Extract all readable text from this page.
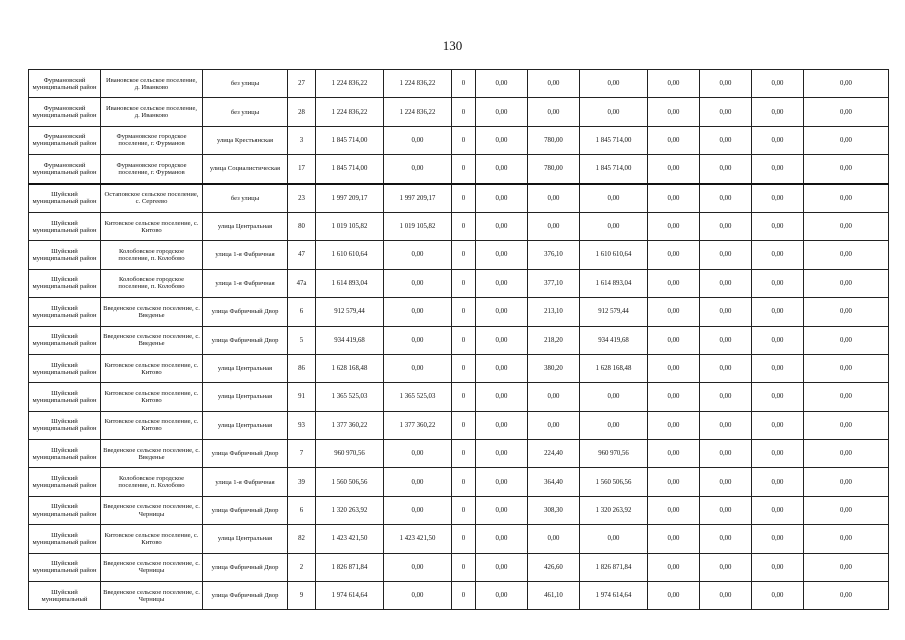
130
Фурмановский муниципальный район	Ивановское сельское поселение, д. Иванково	без улицы	27	1 224 836,22	1 224 836,22	0	0,00	0,00	0,00	0,00	0,00	0,00	0,00
Фурмановский муниципальный район	Ивановское сельское поселение, д. Иванково	без улицы	28	1 224 836,22	1 224 836,22	0	0,00	0,00	0,00	0,00	0,00	0,00	0,00
Фурмановский муниципальный район	Фурмановское городское поселение, г. Фурманов	улица Крестьянская	3	1 845 714,00	0,00	0	0,00	780,00	1 845 714,00	0,00	0,00	0,00	0,00
Фурмановский муниципальный район	Фурмановское городское поселение, г. Фурманов	улица Социалистическая	17	1 845 714,00	0,00	0	0,00	780,00	1 845 714,00	0,00	0,00	0,00	0,00
Шуйский муниципальный район	Остаповское сельское поселение, с. Сергеево	без улицы	23	1 997 209,17	1 997 209,17	0	0,00	0,00	0,00	0,00	0,00	0,00	0,00
Шуйский муниципальный район	Китовское сельское поселение, с. Китово	улица Центральная	80	1 019 105,82	1 019 105,82	0	0,00	0,00	0,00	0,00	0,00	0,00	0,00
Шуйский муниципальный район	Колобовское городское поселение, п. Колобово	улица 1-я Фабричная	47	1 610 610,64	0,00	0	0,00	376,10	1 610 610,64	0,00	0,00	0,00	0,00
Шуйский муниципальный район	Колобовское городское поселение, п. Колобово	улица 1-я Фабричная	47а	1 614 893,04	0,00	0	0,00	377,10	1 614 893,04	0,00	0,00	0,00	0,00
Шуйский муниципальный район	Введенское сельское поселение, с. Введенье	улица Фабричный Двор	6	912 579,44	0,00	0	0,00	213,10	912 579,44	0,00	0,00	0,00	0,00
Шуйский муниципальный район	Введенское сельское поселение, с. Введенье	улица Фабричный Двор	5	934 419,68	0,00	0	0,00	218,20	934 419,68	0,00	0,00	0,00	0,00
Шуйский муниципальный район	Китовское сельское поселение, с. Китово	улица Центральная	86	1 628 168,48	0,00	0	0,00	380,20	1 628 168,48	0,00	0,00	0,00	0,00
Шуйский муниципальный район	Китовское сельское поселение, с. Китово	улица Центральная	91	1 365 525,03	1 365 525,03	0	0,00	0,00	0,00	0,00	0,00	0,00	0,00
Шуйский муниципальный район	Китовское сельское поселение, с. Китово	улица Центральная	93	1 377 360,22	1 377 360,22	0	0,00	0,00	0,00	0,00	0,00	0,00	0,00
Шуйский муниципальный район	Введенское сельское поселение, с. Введенье	улица Фабричный Двор	7	960 970,56	0,00	0	0,00	224,40	960 970,56	0,00	0,00	0,00	0,00
Шуйский муниципальный район	Колобовское городское поселение, п. Колобово	улица 1-я Фабричная	39	1 560 506,56	0,00	0	0,00	364,40	1 560 506,56	0,00	0,00	0,00	0,00
Шуйский муниципальный район	Введенское сельское поселение, с. Черницы	улица Фабричный Двор	6	1 320 263,92	0,00	0	0,00	308,30	1 320 263,92	0,00	0,00	0,00	0,00
Шуйский муниципальный район	Китовское сельское поселение, с. Китово	улица Центральная	82	1 423 421,50	1 423 421,50	0	0,00	0,00	0,00	0,00	0,00	0,00	0,00
Шуйский муниципальный район	Введенское сельское поселение, с. Черницы	улица Фабричный Двор	2	1 826 871,84	0,00	0	0,00	426,60	1 826 871,84	0,00	0,00	0,00	0,00
Шуйский муниципальный	Введенское сельское поселение, с. Черницы	улица Фабричный Двор	9	1 974 614,64	0,00	0	0,00	461,10	1 974 614,64	0,00	0,00	0,00	0,00
